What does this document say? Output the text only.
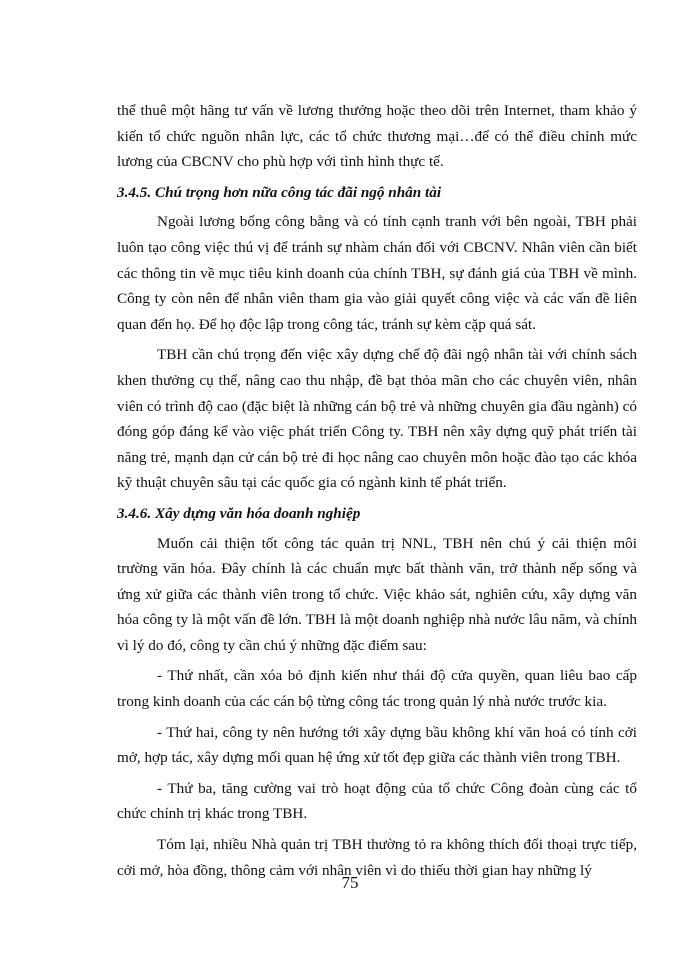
thể thuê một hãng tư vấn về lương thưởng hoặc theo dõi trên Internet, tham khảo ý kiến tổ chức nguồn nhân lực, các tổ chức thương mại…để có thể điều chỉnh mức lương của CBCNV cho phù hợp với tình hình thực tế.

3.4.5. Chú trọng hơn nữa công tác đãi ngộ nhân tài

Ngoài lương bổng công bằng và có tính cạnh tranh với bên ngoài, TBH phải luôn tạo công việc thú vị để tránh sự nhàm chán đối với CBCNV. Nhân viên cần biết các thông tin về mục tiêu kinh doanh của chính TBH, sự đánh giá của TBH về mình. Công ty còn nên để nhân viên tham gia vào giải quyết công việc và các vấn đề liên quan đến họ. Để họ độc lập trong công tác, tránh sự kèm cặp quá sát.

TBH cần chú trọng đến việc xây dựng chế độ đãi ngộ nhân tài với chính sách khen thưởng cụ thể, nâng cao thu nhập, đề bạt thỏa mãn cho các chuyên viên, nhân viên có trình độ cao (đặc biệt là những cán bộ trẻ và những chuyên gia đầu ngành) có đóng góp đáng kể vào việc phát triển Công ty. TBH nên xây dựng quỹ phát triển tài năng trẻ, mạnh dạn cử cán bộ trẻ đi học nâng cao chuyên môn hoặc đào tạo các khóa kỹ thuật chuyên sâu tại các quốc gia có ngành kinh tế phát triển.

3.4.6. Xây dựng văn hóa doanh nghiệp

Muốn cải thiện tốt công tác quản trị NNL, TBH nên chú ý cải thiện môi trường văn hóa. Đây chính là các chuẩn mực bất thành văn, trở thành nếp sống và ứng xử giữa các thành viên trong tổ chức. Việc khảo sát, nghiên cứu, xây dựng văn hóa công ty là một vấn đề lớn. TBH là một doanh nghiệp nhà nước lâu năm, và chính vì lý do đó, công ty cần chú ý những đặc điểm sau:

- Thứ nhất, cần xóa bỏ định kiến như thái độ cửa quyền, quan liêu bao cấp trong kinh doanh của các cán bộ từng công tác trong quản lý nhà nước trước kia.

- Thứ hai, công ty nên hướng tới xây dựng bầu không khí văn hoá có tính cởi mở, hợp tác, xây dựng mối quan hệ ứng xử tốt đẹp giữa các thành viên trong TBH.

- Thứ ba, tăng cường vai trò hoạt động của tổ chức Công đoàn cùng các tổ chức chính trị khác trong TBH.

Tóm lại, nhiều Nhà quản trị TBH thường tỏ ra không thích đối thoại trực tiếp, cởi mở, hòa đồng, thông cảm với nhân viên vì do thiếu thời gian hay những lý

75
